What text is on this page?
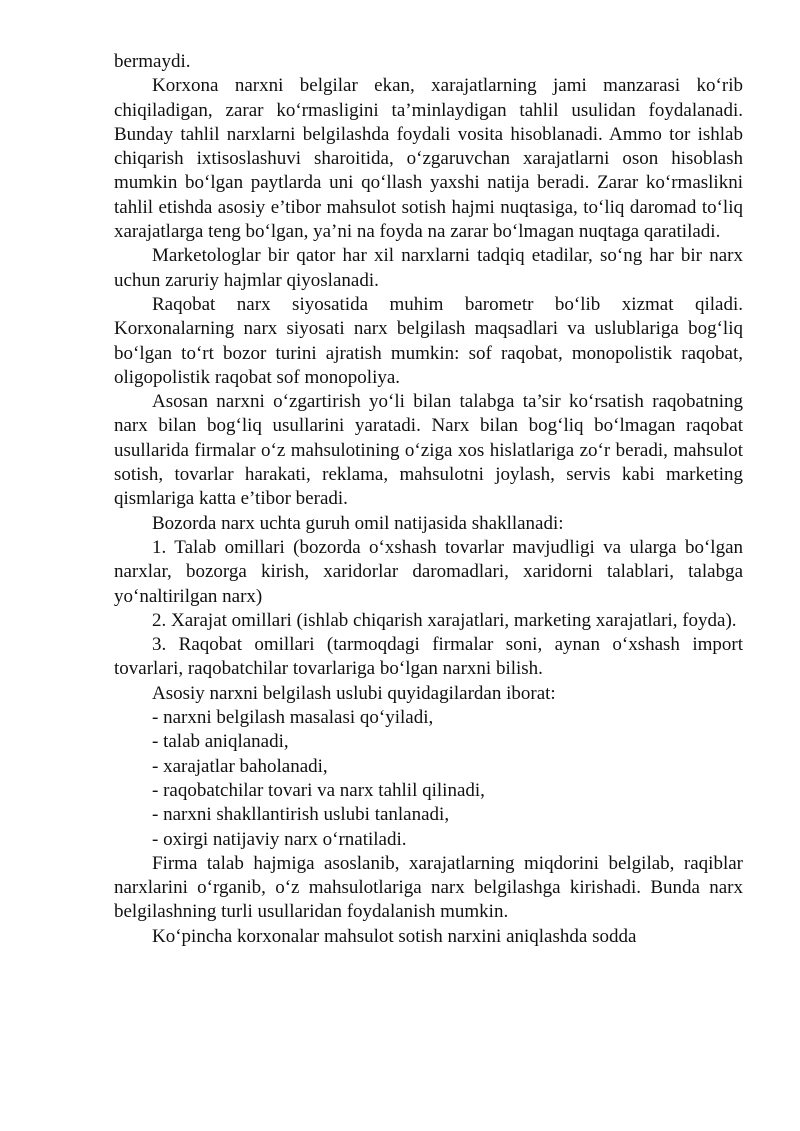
bermaydi.

Korxona narxni belgilar ekan, xarajatlarning jami manzarasi ko‘rib chiqiladigan, zarar ko‘rmasligini ta’minlaydigan tahlil usulidan foydalanadi. Bunday tahlil narxlarni belgilashda foydali vosita hisoblanadi. Ammo tor ishlab chiqarish ixtisoslashuvi sharoitida, o‘zgaruvchan xarajatlarni oson hisoblash mumkin bo‘lgan paytlarda uni qo‘llash yaxshi natija beradi. Zarar ko‘rmaslikni tahlil etishda asosiy e’tibor mahsulot sotish hajmi nuqtasiga, to‘liq daromad to‘liq xarajatlarga teng bo‘lgan, ya’ni na foyda na zarar bo‘lmagan nuqtaga qaratiladi.

Marketologlar bir qator har xil narxlarni tadqiq etadilar, so‘ng har bir narx uchun zaruriy hajmlar qiyoslanadi.

Raqobat narx siyosatida muhim barometr bo‘lib xizmat qiladi. Korxonalarning narx siyosati narx belgilash maqsadlari va uslublariga bog‘liq bo‘lgan to‘rt bozor turini ajratish mumkin: sof raqobat, monopolistik raqobat, oligopolistik raqobat sof monopoliya.

Asosan narxni o‘zgartirish yo‘li bilan talabga ta’sir ko‘rsatish raqobatning narx bilan bog‘liq usullarini yaratadi. Narx bilan bog‘liq bo‘lmagan raqobat usullarida firmalar o‘z mahsulotining o‘ziga xos hislatlariga zo‘r beradi, mahsulot sotish, tovarlar harakati, reklama, mahsulotni joylash, servis kabi marketing qismlariga katta e’tibor beradi.

Bozorda narx uchta guruh omil natijasida shakllanadi:

1. Talab omillari (bozorda o‘xshash tovarlar mavjudligi va ularga bo‘lgan narxlar, bozorga kirish, xaridorlar daromadlari, xaridorni talablari, talabga yo‘naltirilgan narx)

2. Xarajat omillari (ishlab chiqarish xarajatlari, marketing xarajatlari, foyda).

3. Raqobat omillari (tarmoqdagi firmalar soni, aynan o‘xshash import tovarlari, raqobatchilar tovarlariga bo‘lgan narxni bilish.

Asosiy narxni belgilash uslubi quyidagilardan iborat:

- narxni belgilash masalasi qo‘yiladi,

- talab aniqlanadi,

- xarajatlar baholanadi,

- raqobatchilar tovari va narx tahlil qilinadi,

- narxni shakllantirish uslubi tanlanadi,

- oxirgi natijaviy narx o‘rnatiladi.

Firma talab hajmiga asoslanib, xarajatlarning miqdorini belgilab, raqiblar narxlarini o‘rganib, o‘z mahsulotlariga narx belgilashga kirishadi. Bunda narx belgilashning turli usullaridan foydalanish mumkin.

Ko‘pincha korxonalar mahsulot sotish narxini aniqlashda sodda
